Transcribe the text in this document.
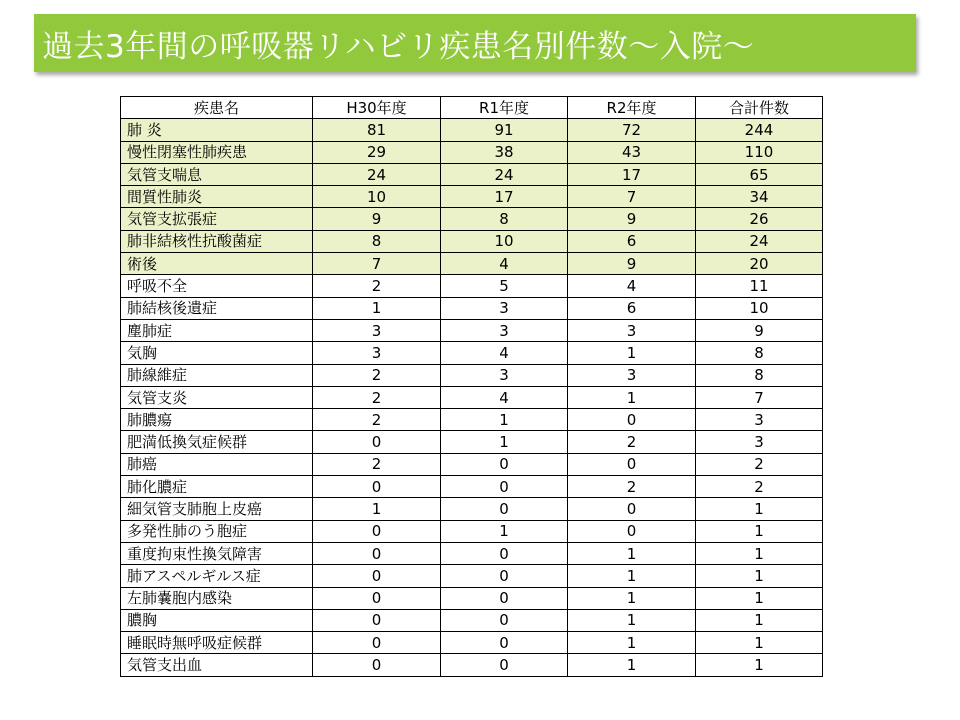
過去3年間の呼吸器リハビリ疾患名別件数～入院～
疾患名	H30年度	R1年度	R2年度	合計件数
肺 炎	81	91	72	244
慢性閉塞性肺疾患	29	38	43	110
気管支喘息	24	24	17	65
間質性肺炎	10	17	7	34
気管支拡張症	9	8	9	26
肺非結核性抗酸菌症	8	10	6	24
術後	7	4	9	20
呼吸不全	2	5	4	11
肺結核後遺症	1	3	6	10
塵肺症	3	3	3	9
気胸	3	4	1	8
肺線維症	2	3	3	8
気管支炎	2	4	1	7
肺膿瘍	2	1	0	3
肥満低換気症候群	0	1	2	3
肺癌	2	0	0	2
肺化膿症	0	0	2	2
細気管支肺胞上皮癌	1	0	0	1
多発性肺のう胞症	0	1	0	1
重度拘束性換気障害	0	0	1	1
肺アスペルギルス症	0	0	1	1
左肺嚢胞内感染	0	0	1	1
膿胸	0	0	1	1
睡眠時無呼吸症候群	0	0	1	1
気管支出血	0	0	1	1
